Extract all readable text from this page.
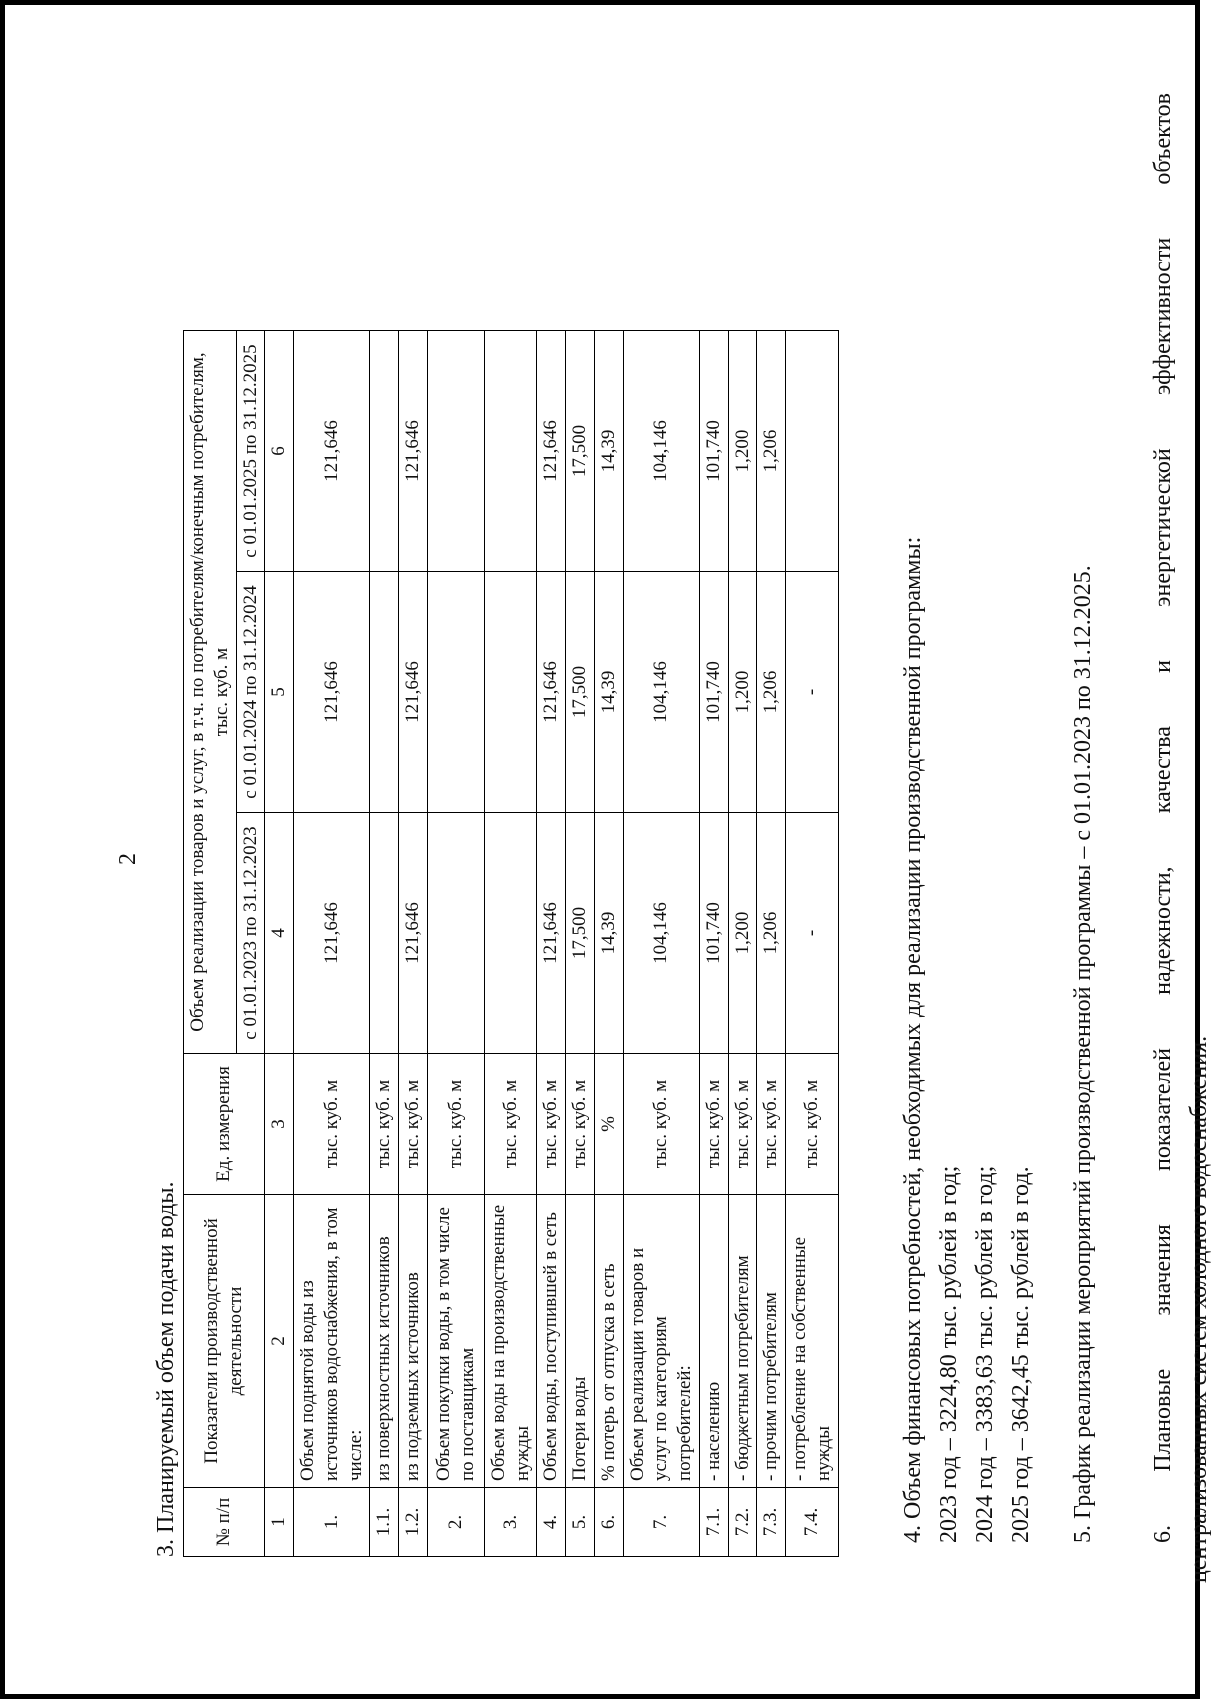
2
3. Планируемый объем подачи воды. № п/п	Показатели производственной деятельности	Ед. измерения	Объем реализации товаров и услуг, в т.ч. по потребителям/конечным потребителям, тыс. куб. м		
			с 01.01.2023 по 31.12.2023	с 01.01.2024 по 31.12.2024	с 01.01.2025 по 31.12.2025
1	2	3	4	5	6
1.	Объем поднятой воды из источников водоснабжения, в том числе:	тыс. куб. м	121,646	121,646	121,646
1.1.	из поверхностных источников	тыс. куб. м			
1.2.	из подземных источников	тыс. куб. м	121,646	121,646	121,646
2.	Объем покупки воды, в том числе по поставщикам	тыс. куб. м			
3.	Объем воды на производственные нужды	тыс. куб. м			
4.	Объем воды, поступившей в сеть	тыс. куб. м	121,646	121,646	121,646
5.	Потери воды	тыс. куб. м	17,500	17,500	17,500
6.	% потерь от отпуска в сеть	%	14,39	14,39	14,39
7.	Объем реализации товаров и услуг по категориям потребителей:	тыс. куб. м	104,146	104,146	104,146
7.1.	- населению	тыс. куб. м	101,740	101,740	101,740
7.2.	- бюджетным потребителям	тыс. куб. м	1,200	1,200	1,200
7.3.	- прочим потребителям	тыс. куб. м	1,206	1,206	1,206
7.4.	- потребление на собственные нужды	тыс. куб. м	-	-		4. Объем финансовых потребностей, необходимых для реализации производственной программы: 2023 год – 3224,80 тыс. рублей в год; 2024 год – 3383,63 тыс. рублей в год; 2025 год – 3642,45 тыс. рублей в год. 5. График реализации мероприятий производственной программы – с 01.01.2023 по 31.12.2025. 6.
Плановые
значения
показателей
надежности,
качества
и
энергетической
эффективности
объектов
централизованных систем холодного водоснабжения.
